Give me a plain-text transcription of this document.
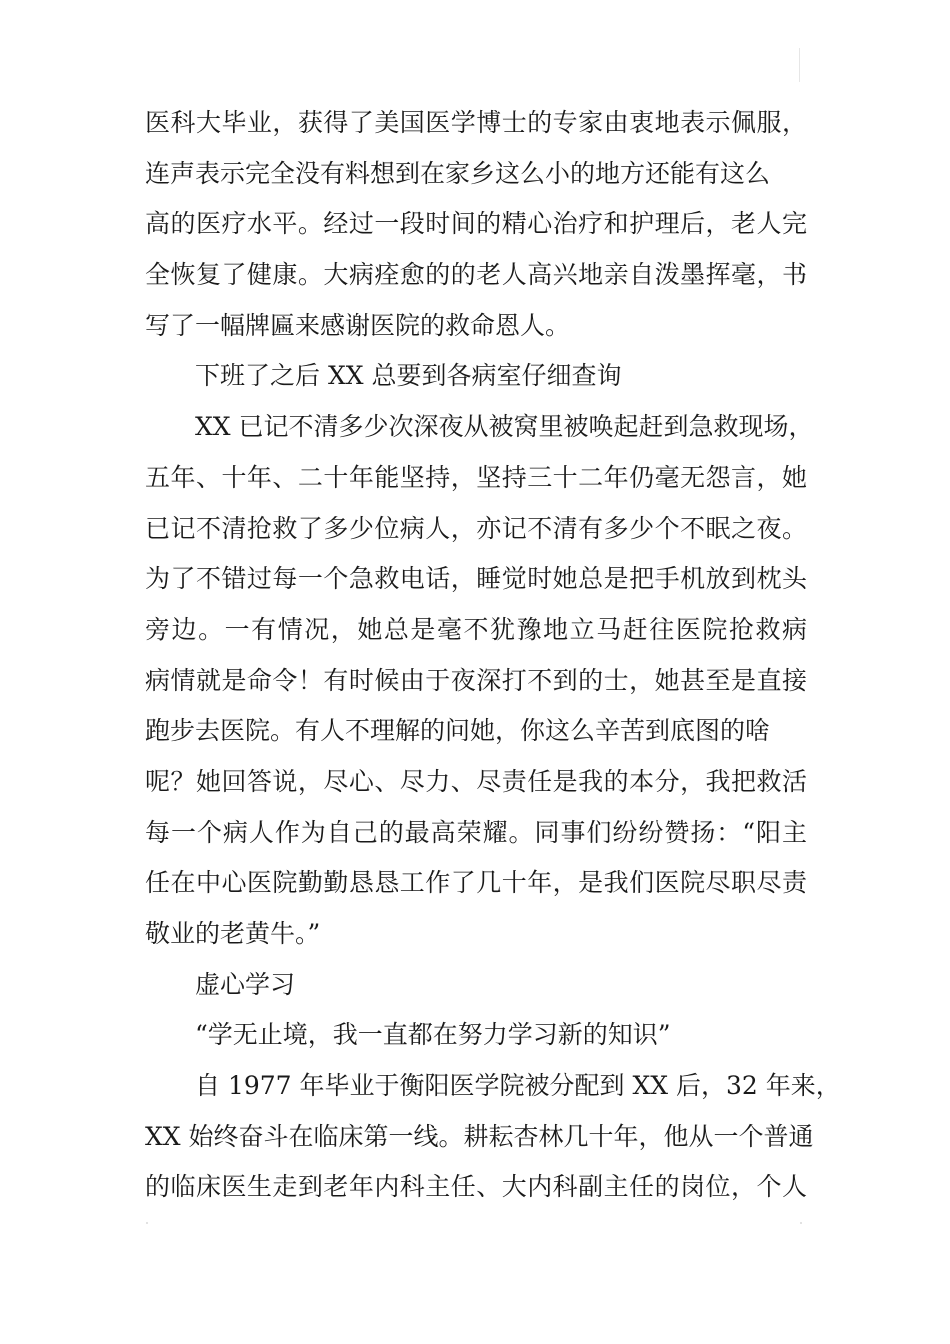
医科大毕业，获得了美国医学博士的专家由衷地表示佩服，
连声表示完全没有料想到在家乡这么小的地方还能有这么
高的医疗水平。经过一段时间的精心治疗和护理后，老人完
全恢复了健康。大病痊愈的的老人高兴地亲自泼墨挥毫，书
写了一幅牌匾来感谢医院的救命恩人。
下班了之后 XX 总要到各病室仔细查询
XX 已记不清多少次深夜从被窝里被唤起赶到急救现场，
五年、十年、二十年能坚持，坚持三十二年仍毫无怨言，她
已记不清抢救了多少位病人，亦记不清有多少个不眠之夜。
为了不错过每一个急救电话，睡觉时她总是把手机放到枕头
旁边。一有情况，她总是毫不犹豫地立马赶往医院抢救病
病情就是命令！有时候由于夜深打不到的士，她甚至是直接
跑步去医院。有人不理解的问她，你这么辛苦到底图的啥
呢？她回答说，尽心、尽力、尽责任是我的本分，我把救活
每一个病人作为自己的最高荣耀。同事们纷纷赞扬：“阳主
任在中心医院勤勤恳恳工作了几十年，是我们医院尽职尽责
敬业的老黄牛。”
虚心学习
“学无止境，我一直都在努力学习新的知识”
自 1977 年毕业于衡阳医学院被分配到 XX 后，32 年来，
XX 始终奋斗在临床第一线。耕耘杏林几十年，他从一个普通
的临床医生走到老年内科主任、大内科副主任的岗位，个人
